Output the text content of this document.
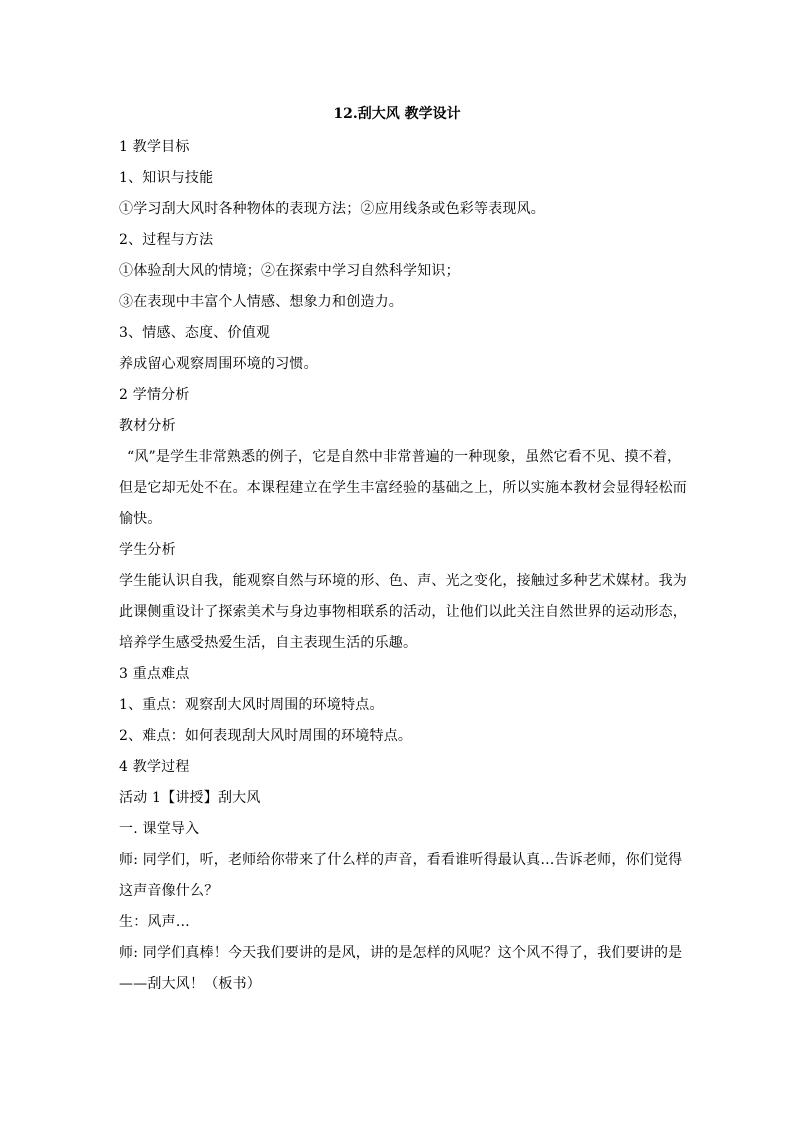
12.刮大风 教学设计
1 教学目标
1、知识与技能
①学习刮大风时各种物体的表现方法；②应用线条或色彩等表现风。
2、过程与方法
①体验刮大风的情境；②在探索中学习自然科学知识；
③在表现中丰富个人情感、想象力和创造力。
3、情感、态度、价值观
养成留心观察周围环境的习惯。
2 学情分析
教材分析
“风”是学生非常熟悉的例子，它是自然中非常普遍的一种现象，虽然它看不见、摸不着，
但是它却无处不在。本课程建立在学生丰富经验的基础之上，所以实施本教材会显得轻松而
愉快。
学生分析
学生能认识自我，能观察自然与环境的形、色、声、光之变化，接触过多种艺术媒材。我为
此课侧重设计了探索美术与身边事物相联系的活动，让他们以此关注自然世界的运动形态，
培养学生感受热爱生活，自主表现生活的乐趣。
3 重点难点
1、重点：观察刮大风时周围的环境特点。
2、难点：如何表现刮大风时周围的环境特点。
4 教学过程
活动 1【讲授】刮大风
一. 课堂导入
师: 同学们，听，老师给你带来了什么样的声音，看看谁听得最认真…告诉老师，你们觉得
这声音像什么？
生：风声…
师: 同学们真棒！今天我们要讲的是风，讲的是怎样的风呢？这个风不得了，我们要讲的是
——刮大风！（板书）
